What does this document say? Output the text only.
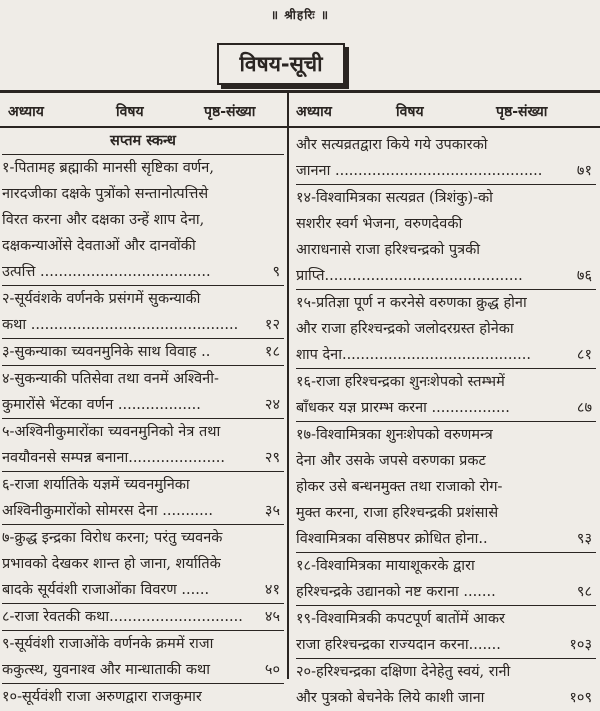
॥ श्रीहरिः ॥
विषय-सूची
अध्याय	विषय	पृष्ठ-संख्या	अध्याय	विषय	पृष्ठ-संख्या
सप्तम स्कन्ध
१-पितामह ब्रह्माकी मानसी सृष्टिका वर्णन,
नारदजीका दक्षके पुत्रोंको सन्तानोत्पत्तिसे
विरत करना और दक्षका उन्हें शाप देना,
दक्षकन्याओंसे देवताओं और दानवोंकी
उत्पत्ति .....................................	९
२-सूर्यवंशके वर्णनके प्रसंगमें सुकन्याकी
कथा ............................................. १२
३-सुकन्याका च्यवनमुनिके साथ विवाह ..	१८
४-सुकन्याकी पतिसेवा तथा वनमें अश्विनी-
कुमारोंसे भेंटका वर्णन ..................	२४
५-अश्विनीकुमारोंका च्यवनमुनिको नेत्र तथा
नवयौवनसे सम्पन्न बनाना.....................	२९
६-राजा शर्यातिके यज्ञमें च्यवनमुनिका
अश्विनीकुमारोंको सोमरस देना ...........	३५
७-क्रुद्ध इन्द्रका विरोध करना; परंतु च्यवनके
प्रभावको देखकर शान्त हो जाना, शर्यातिके
बादके सूर्यवंशी राजाओंका विवरण ......	४१
८-राजा रेवतकी कथा............................. ४५
९-सूर्यवंशी राजाओंके वर्णनके क्रममें राजा
ककुत्स्थ, युवनाश्व और मान्धाताकी कथा	५०
१०-सूर्यवंशी राजा अरुणद्वारा राजकुमार
और सत्यव्रतद्वारा किये गये उपकारको
जानना ............................................. ७१
१४-विश्वामित्रका सत्यव्रत (त्रिशंकु)-को
सशरीर स्वर्ग भेजना, वरुणदेवकी
आराधनासे राजा हरिश्चन्द्रको पुत्रकी
प्राप्ति...........................................	७६
१५-प्रतिज्ञा पूर्ण न करनेसे वरुणका क्रुद्ध होना
और राजा हरिश्चन्द्रको जलोदरग्रस्त होनेका
शाप देना.........................................	८१
१६-राजा हरिश्चन्द्रका शुनःशेपको स्तम्भमें
बाँधकर यज्ञ प्रारम्भ करना .................	८७
१७-विश्वामित्रका शुनःशेपको वरुणमन्त्र
देना और उसके जपसे वरुणका प्रकट
होकर उसे बन्धनमुक्त तथा राजाको रोग-
मुक्त करना, राजा हरिश्चन्द्रकी प्रशंसासे
विश्वामित्रका वसिष्ठपर क्रोधित होना..	९३
१८-विश्वामित्रका मायाशूकरके द्वारा
हरिश्चन्द्रके उद्यानको नष्ट कराना .......	९८
१९-विश्वामित्रकी कपटपूर्ण बातोंमें आकर
राजा हरिश्चन्द्रका राज्यदान करना.......	१०३
२०-हरिश्चन्द्रका दक्षिणा देनेहेतु स्वयं, रानी
और पुत्रको बेचनेके लिये काशी जाना	१०९
